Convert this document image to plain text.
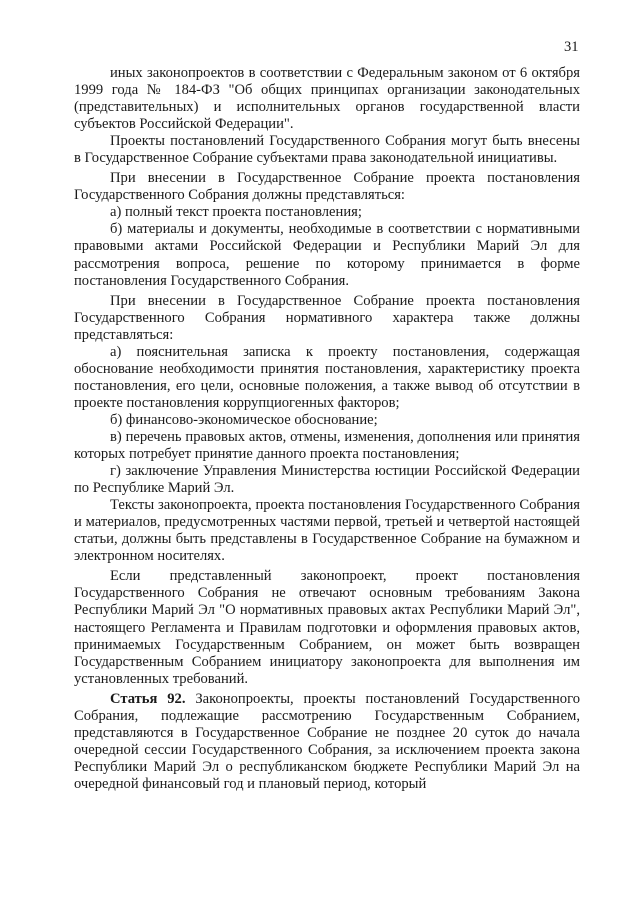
31

иных законопроектов в соответствии с Федеральным законом от 6 октября 1999 года № 184-ФЗ "Об общих принципах организации законодательных (представительных) и исполнительных органов государственной власти субъектов Российской Федерации".

Проекты постановлений Государственного Собрания могут быть внесены в Государственное Собрание субъектами права законодательной инициативы.

При внесении в Государственное Собрание проекта постановления Государственного Собрания должны представляться:

а) полный текст проекта постановления;

б) материалы и документы, необходимые в соответствии с нормативными правовыми актами Российской Федерации и Республики Марий Эл для рассмотрения вопроса, решение по которому принимается в форме постановления Государственного Собрания.

При внесении в Государственное Собрание проекта постановления Государственного Собрания нормативного характера также должны представляться:

а) пояснительная записка к проекту постановления, содержащая обоснование необходимости принятия постановления, характеристику проекта постановления, его цели, основные положения, а также вывод об отсутствии в проекте постановления коррупциогенных факторов;

б) финансово-экономическое обоснование;

в) перечень правовых актов, отмены, изменения, дополнения или принятия которых потребует принятие данного проекта постановления;

г) заключение Управления Министерства юстиции Российской Федерации по Республике Марий Эл.

Тексты законопроекта, проекта постановления Государственного Собрания и материалов, предусмотренных частями первой, третьей и четвертой настоящей статьи, должны быть представлены в Государственное Собрание на бумажном и электронном носителях.

Если представленный законопроект, проект постановления Государственного Собрания не отвечают основным требованиям Закона Республики Марий Эл "О нормативных правовых актах Республики Марий Эл", настоящего Регламента и Правилам подготовки и оформления правовых актов, принимаемых Государственным Собранием, он может быть возвращен Государственным Собранием инициатору законопроекта для выполнения им установленных требований.

Статья 92. Законопроекты, проекты постановлений Государственного Собрания, подлежащие рассмотрению Государственным Собранием, представляются в Государственное Собрание не позднее 20 суток до начала очередной сессии Государственного Собрания, за исключением проекта закона Республики Марий Эл о республиканском бюджете Республики Марий Эл на очередной финансовый год и плановый период, который
